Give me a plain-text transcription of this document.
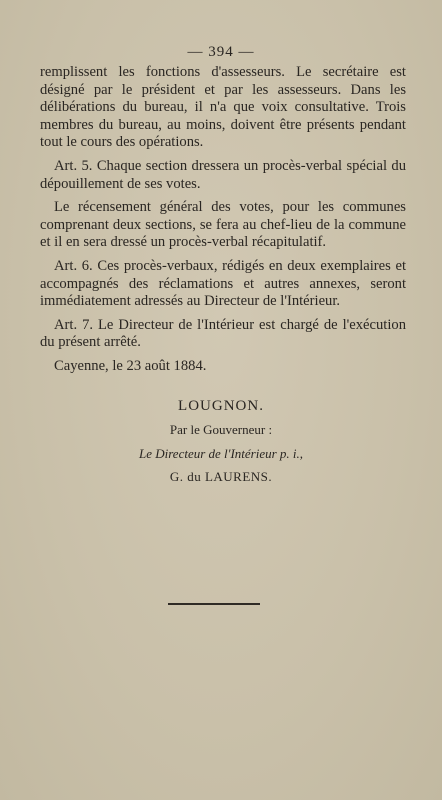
— 394 —

remplissent les fonctions d'assesseurs. Le secrétaire est désigné par le président et par les assesseurs. Dans les délibérations du bureau, il n'a que voix consultative. Trois membres du bureau, au moins, doivent être présents pendant tout le cours des opérations.

Art. 5. Chaque section dressera un procès-verbal spécial du dépouillement de ses votes.

Le récensement général des votes, pour les communes comprenant deux sections, se fera au chef-lieu de la commune et il en sera dressé un procès-verbal récapitulatif.

Art. 6. Ces procès-verbaux, rédigés en deux exemplaires et accompagnés des réclamations et autres annexes, seront immédiatement adressés au Directeur de l'Intérieur.

Art. 7. Le Directeur de l'Intérieur est chargé de l'exécution du présent arrêté.

Cayenne, le 23 août 1884.

LOUGNON.
Par le Gouverneur :
Le Directeur de l'Intérieur p. i.,
G. du LAURENS.
